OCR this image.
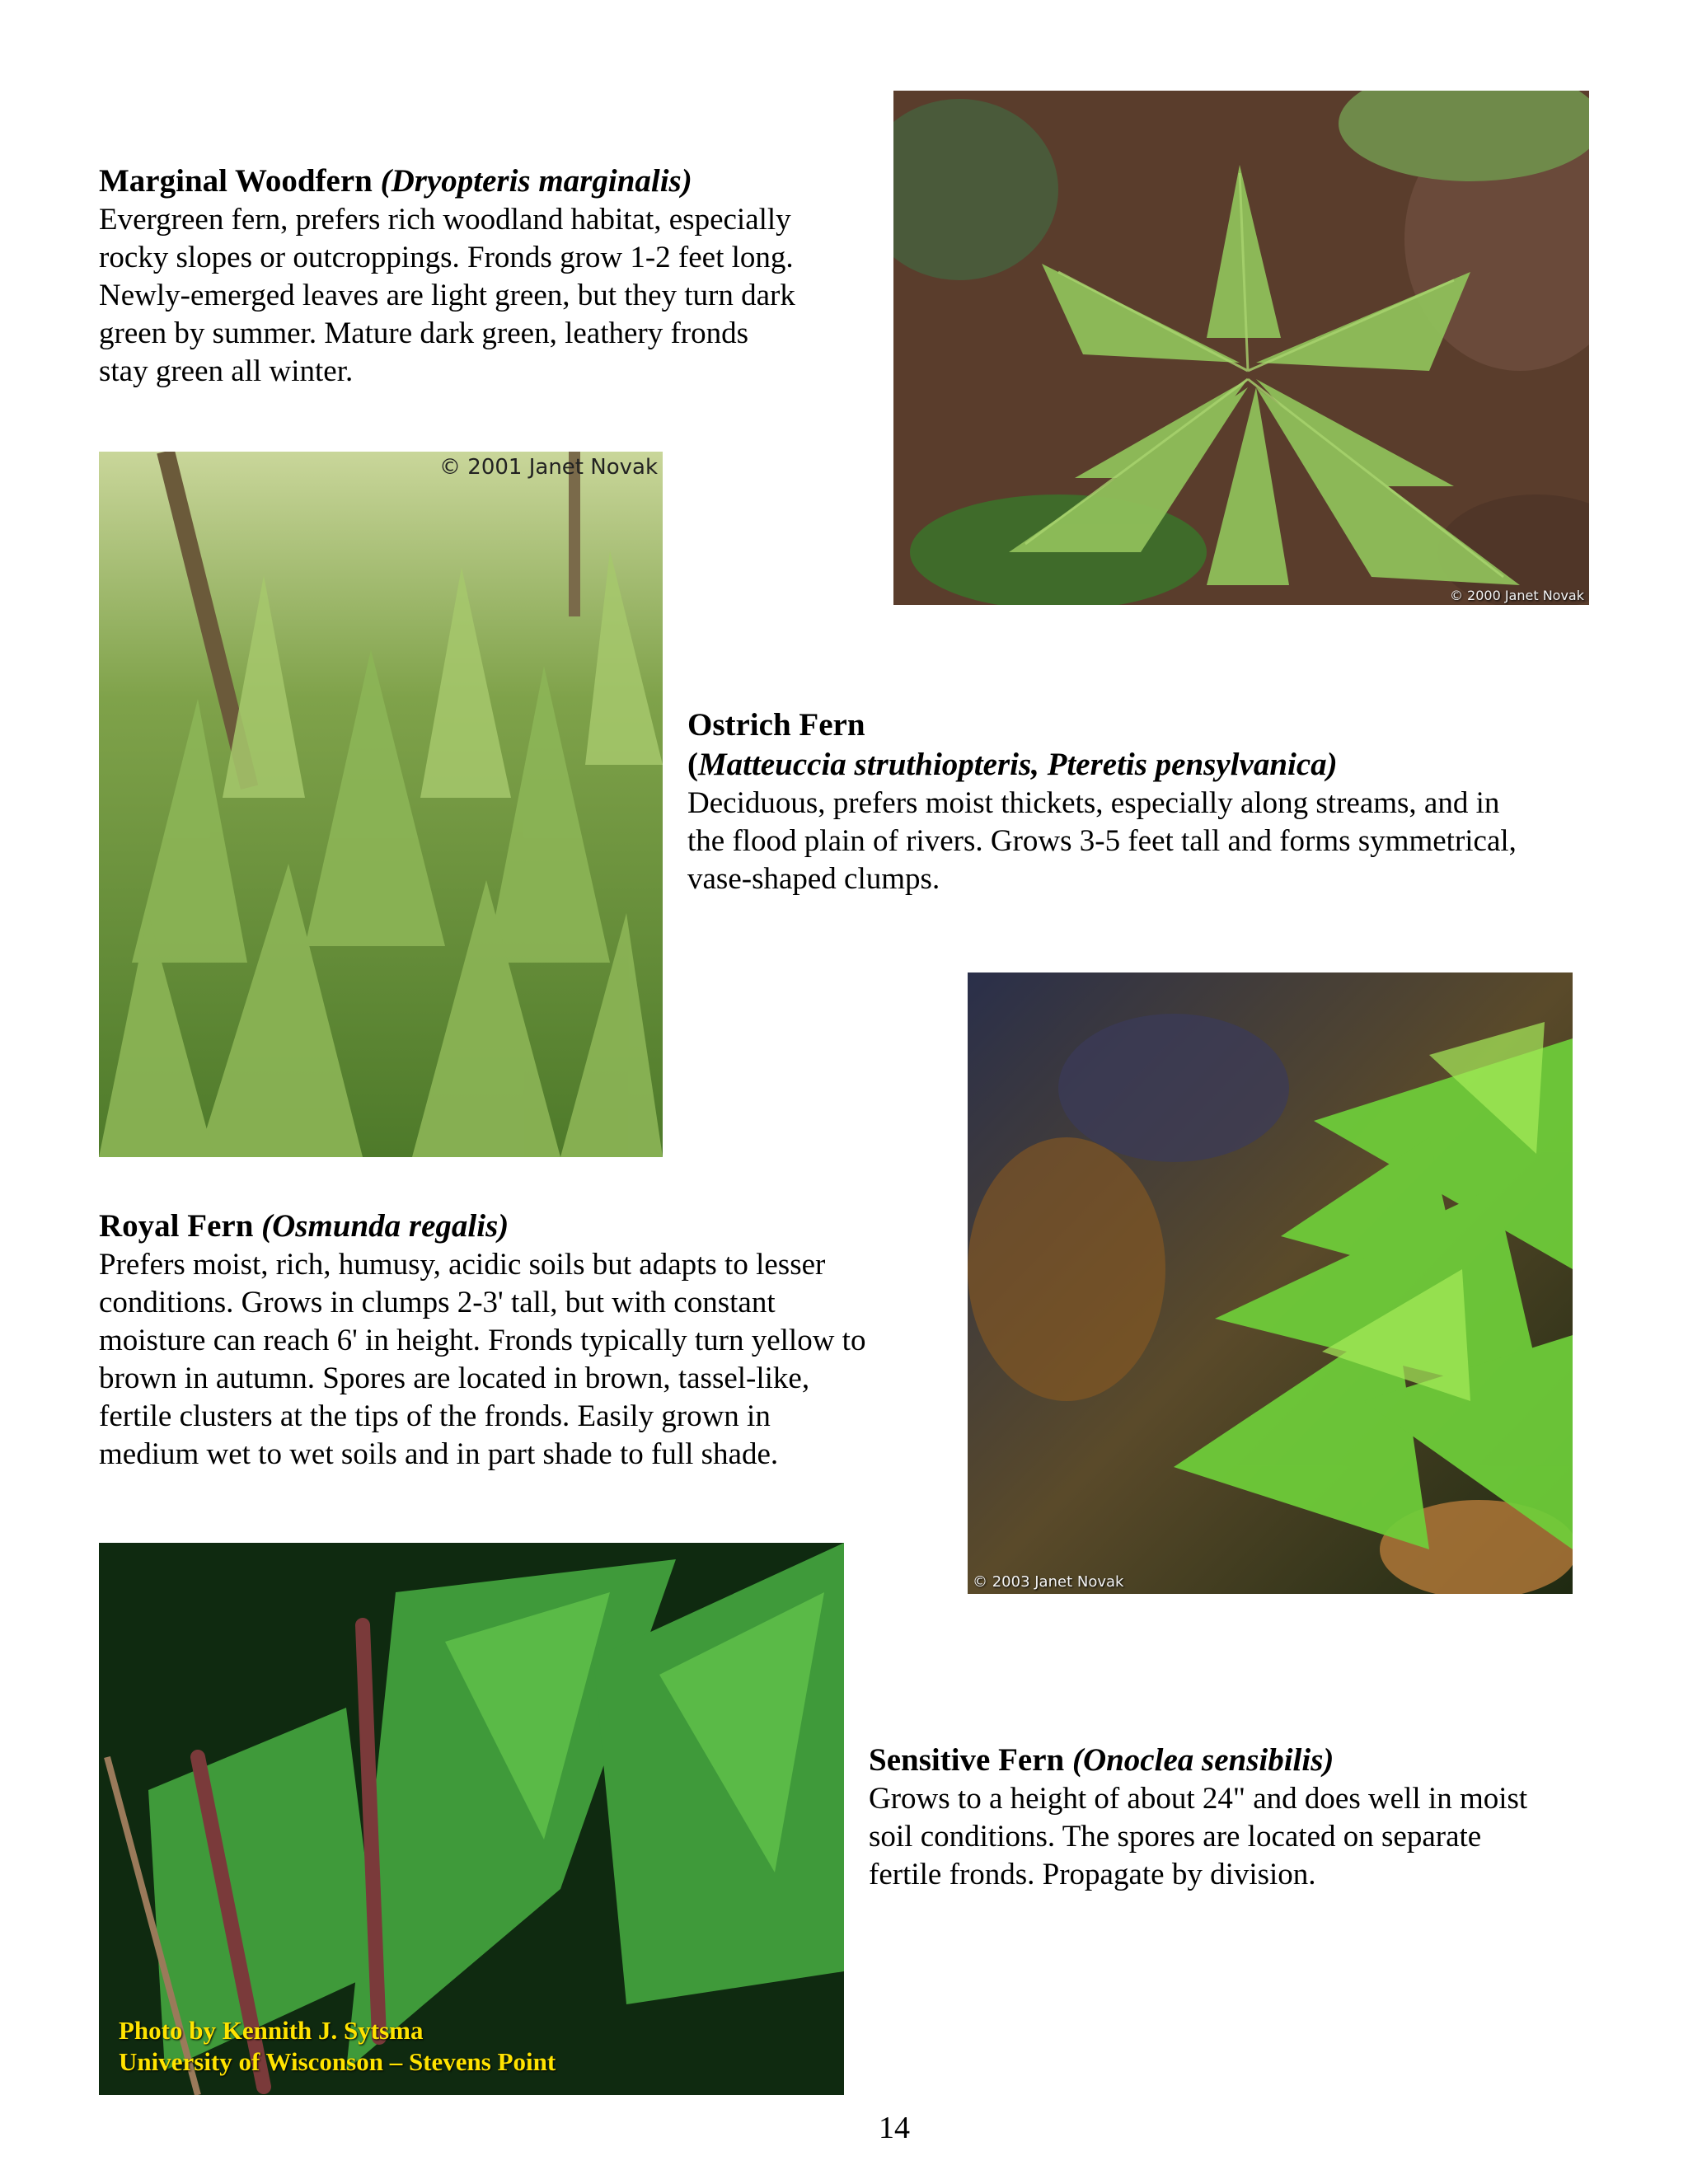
Marginal Woodfern (Dryopteris marginalis)
Evergreen fern, prefers rich woodland habitat, especially
rocky slopes or outcroppings. Fronds grow 1-2 feet long.
Newly-emerged leaves are light green, but they turn dark
green by summer. Mature dark green, leathery fronds
stay green all winter.
© 2000 Janet Novak
© 2001 Janet Novak
Ostrich Fern
(Matteuccia struthiopteris, Pteretis pensylvanica)
Deciduous, prefers moist thickets, especially along streams, and in
the flood plain of rivers. Grows 3-5 feet tall and forms symmetrical,
vase-shaped clumps.
© 2003 Janet Novak
Royal Fern (Osmunda regalis)
Prefers moist, rich, humusy, acidic soils but adapts to lesser
conditions. Grows in clumps 2-3' tall, but with constant
moisture can reach 6' in height. Fronds typically turn yellow to
brown in autumn. Spores are located in brown, tassel-like,
fertile clusters at the tips of the fronds. Easily grown in
medium wet to wet soils and in part shade to full shade.
Photo by Kennith J. Sytsma
University of Wisconson – Stevens Point
Sensitive Fern (Onoclea sensibilis)
Grows to a height of about 24" and does well in moist
soil conditions. The spores are located on separate
fertile fronds. Propagate by division.
14
